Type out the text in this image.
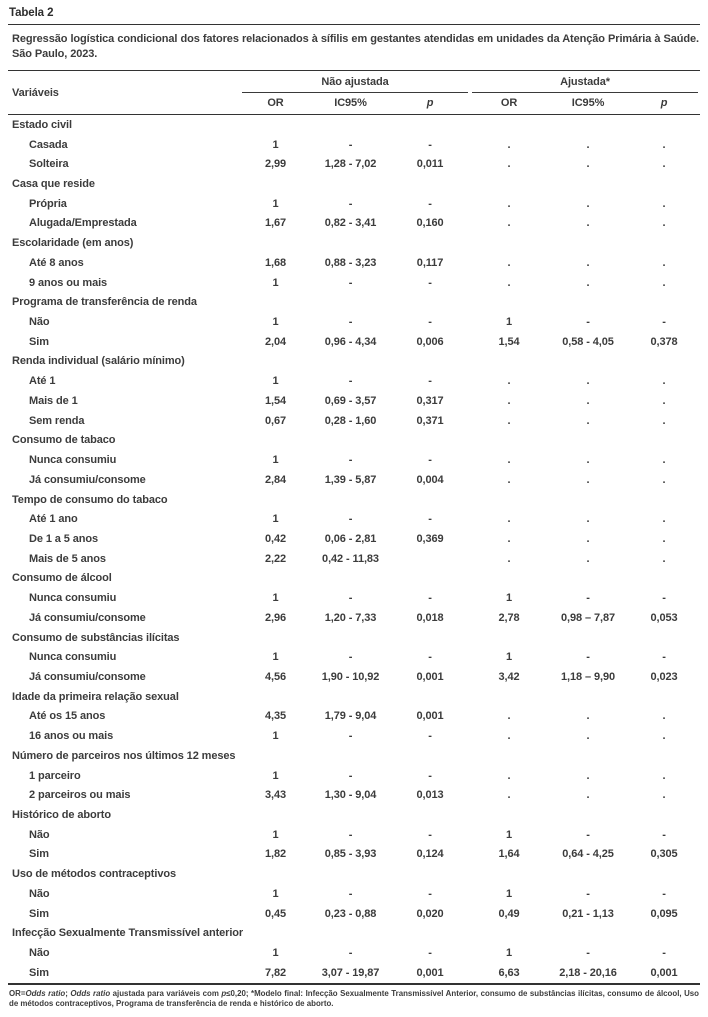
Tabela 2

Regressão logística condicional dos fatores relacionados à sífilis em gestantes atendidas em unidades da Atenção Primária à Saúde. São Paulo, 2023.

Variáveis	Não ajustada			Ajustada*		

	OR	IC95%	p	OR	IC95%	p
Estado civil						
Casada	1	-	-	.	.	.
Solteira	2,99	1,28 - 7,02	0,011	.	.	.
Casa que reside						
Própria	1	-	-	.	.	.
Alugada/Emprestada	1,67	0,82 - 3,41	0,160	.	.	.
Escolaridade (em anos)						
Até 8 anos	1,68	0,88 - 3,23	0,117	.	.	.
9 anos ou mais	1	-	-	.	.	.
Programa de transferência de renda						
Não	1	-	-	1	-	-
Sim	2,04	0,96 - 4,34	0,006	1,54	0,58 - 4,05	0,378
Renda individual (salário mínimo)						
Até 1	1	-	-	.	.	.
Mais de 1	1,54	0,69 - 3,57	0,317	.	.	.
Sem renda	0,67	0,28 - 1,60	0,371	.	.	.
Consumo de tabaco						
Nunca consumiu	1	-	-	.	.	.
Já consumiu/consome	2,84	1,39 - 5,87	0,004	.	.	.
Tempo de consumo do tabaco						
Até 1 ano	1	-	-	.	.	.
De 1 a 5 anos	0,42	0,06 - 2,81	0,369	.	.	.
Mais de 5 anos	2,22	0,42 - 11,83		.	.	.
Consumo de álcool						
Nunca consumiu	1	-	-	1	-	-
Já consumiu/consome	2,96	1,20 - 7,33	0,018	2,78	0,98 – 7,87	0,053
Consumo de substâncias ilícitas						
Nunca consumiu	1	-	-	1	-	-
Já consumiu/consome	4,56	1,90 - 10,92	0,001	3,42	1,18 – 9,90	0,023
Idade da primeira relação sexual						
Até os 15 anos	4,35	1,79 - 9,04	0,001	.	.	.
16 anos ou mais	1	-	-	.	.	.
Número de parceiros nos últimos 12 meses						
1 parceiro	1	-	-	.	.	.
2 parceiros ou mais	3,43	1,30 - 9,04	0,013	.	.	.
Histórico de aborto						
Não	1	-	-	1	-	-
Sim	1,82	0,85 - 3,93	0,124	1,64	0,64 - 4,25	0,305
Uso de métodos contraceptivos						
Não	1	-	-	1	-	-
Sim	0,45	0,23 - 0,88	0,020	0,49	0,21 - 1,13	0,095
Infecção Sexualmente Transmissível anterior						
Não	1	-	-	1	-	-
Sim	7,82	3,07 - 19,87	0,001	6,63	2,18 - 20,16	0,001
OR=Odds ratio; Odds ratio ajustada para variáveis com p≤0,20; *Modelo final: Infecção Sexualmente Transmissível Anterior, consumo de substâncias ilícitas, consumo de álcool, Uso de métodos contraceptivos, Programa de transferência de renda e histórico de aborto.
